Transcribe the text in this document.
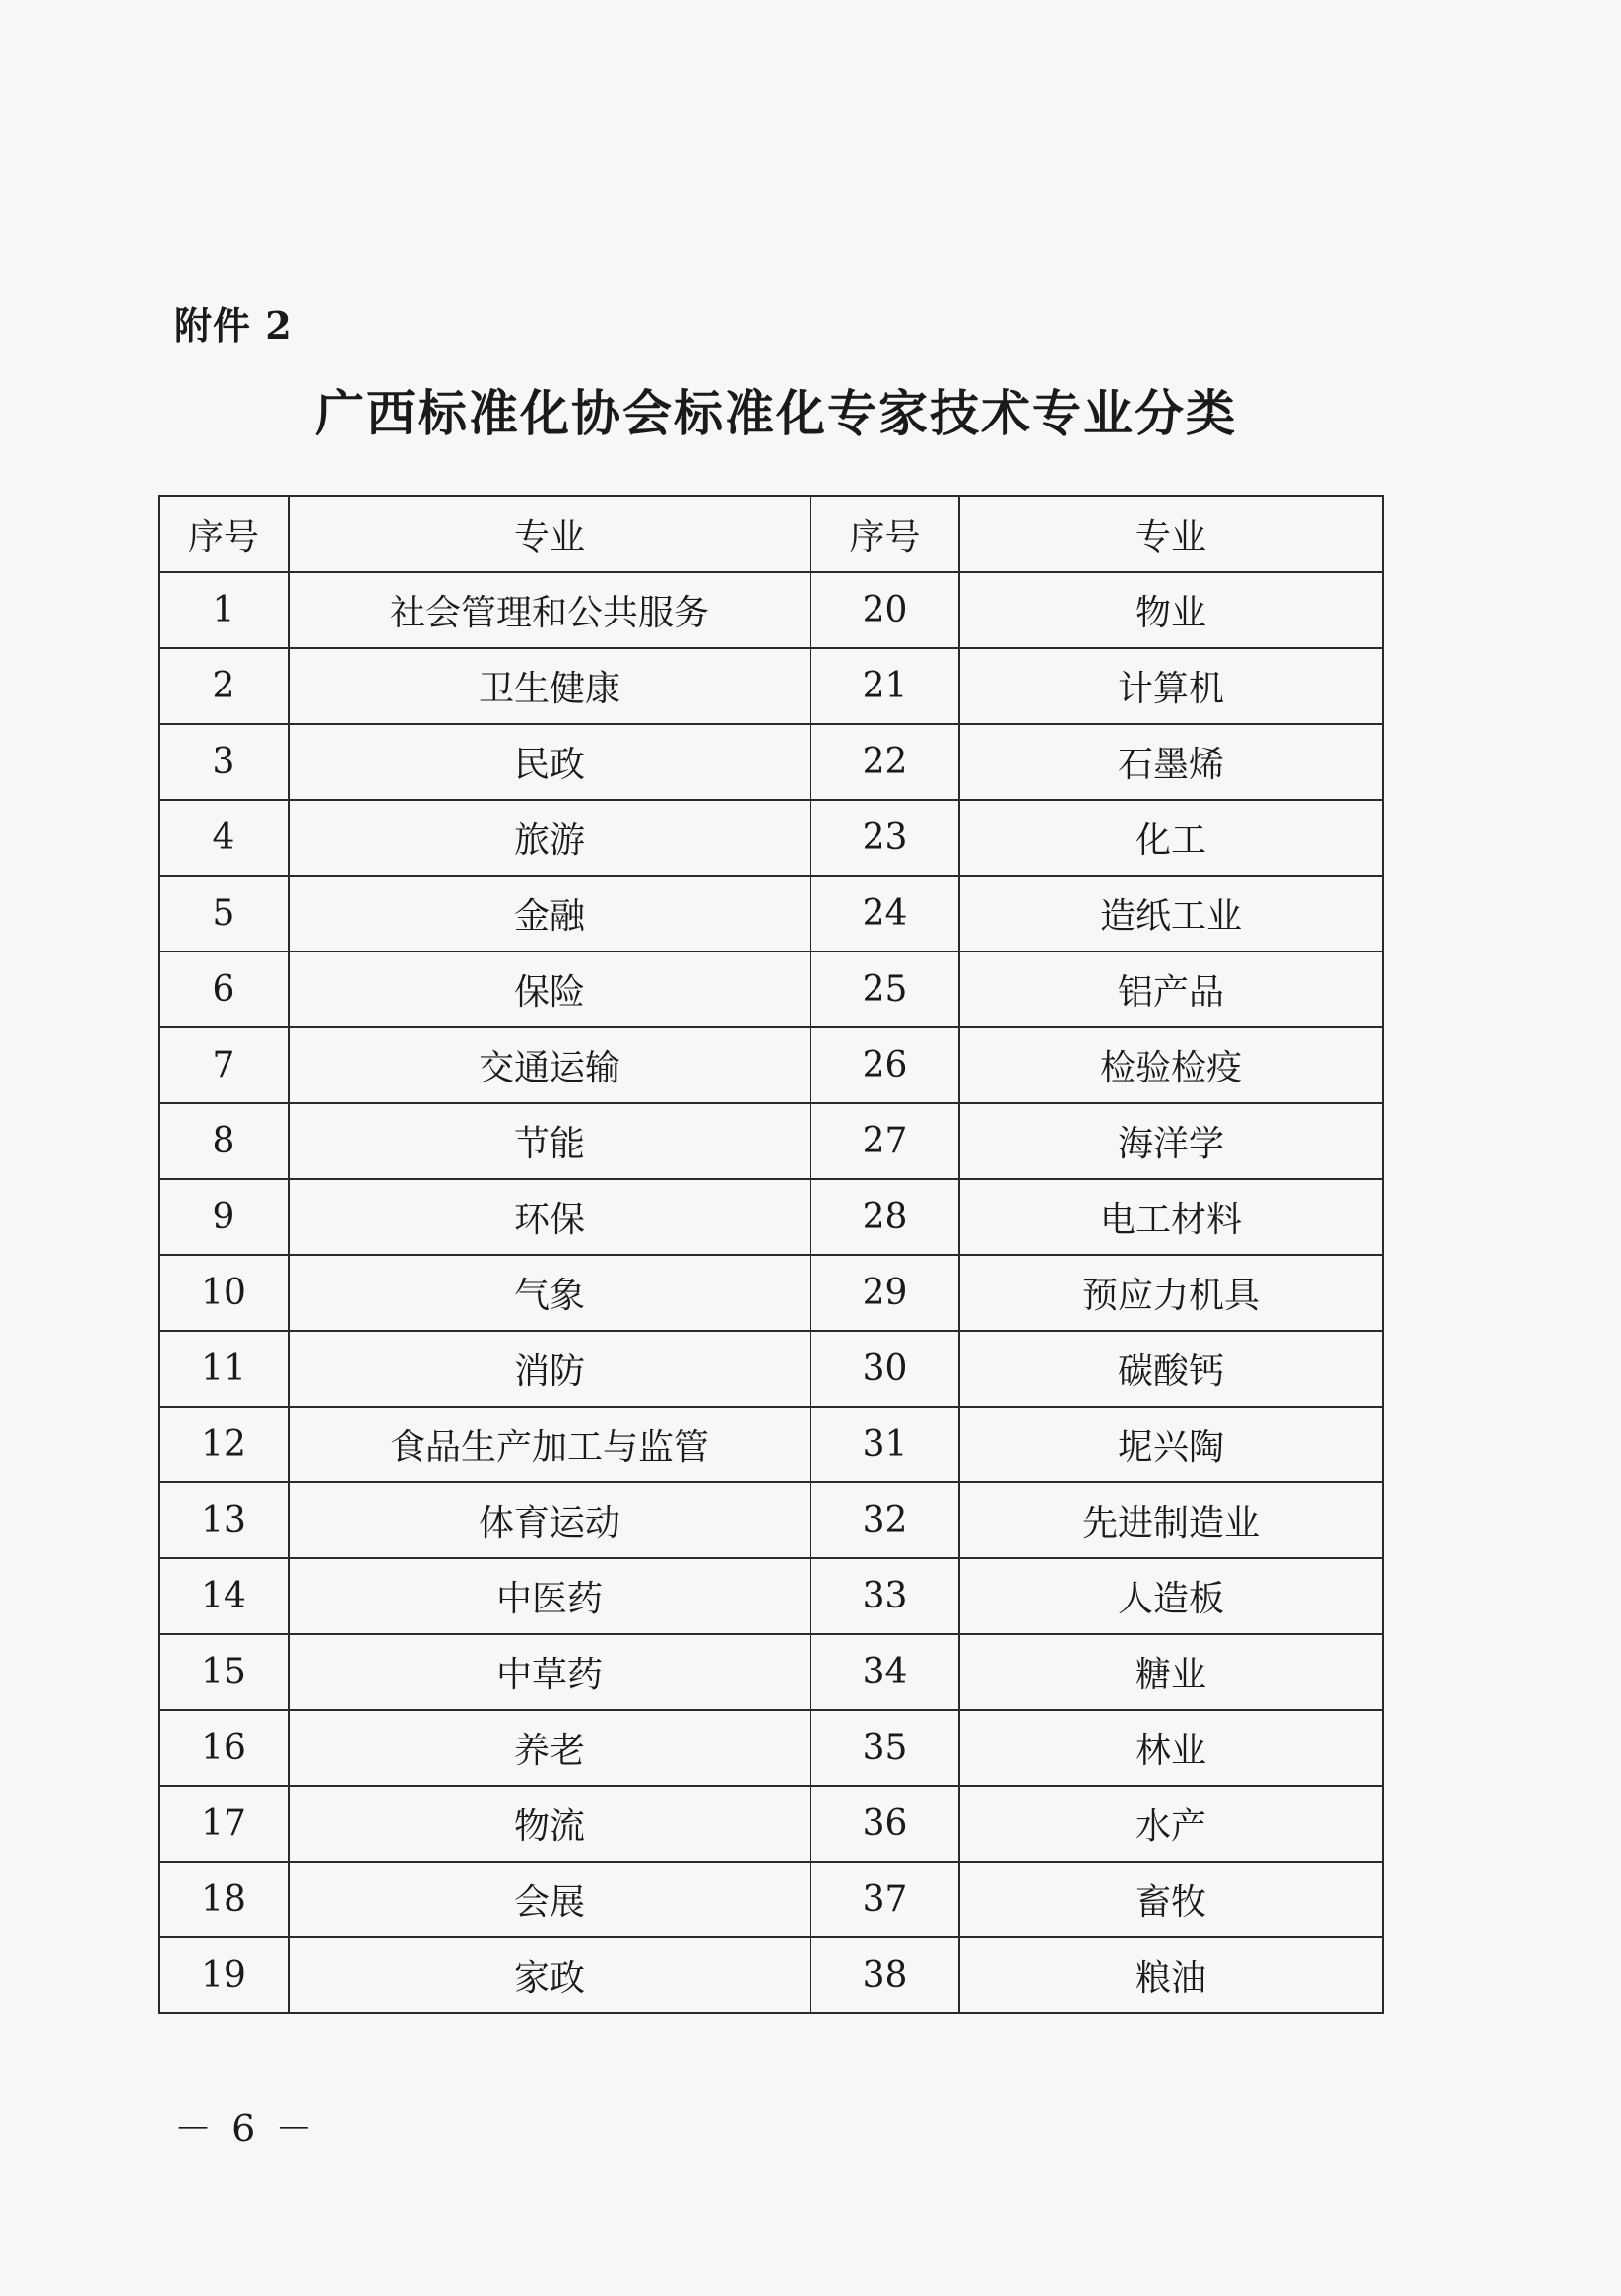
附件 2
广西标准化协会标准化专家技术专业分类
序号	专业	序号	专业
1	社会管理和公共服务	20	物业
2	卫生健康	21	计算机
3	民政	22	石墨烯
4	旅游	23	化工
5	金融	24	造纸工业
6	保险	25	铝产品
7	交通运输	26	检验检疫
8	节能	27	海洋学
9	环保	28	电工材料
10	气象	29	预应力机具
11	消防	30	碳酸钙
12	食品生产加工与监管	31	坭兴陶
13	体育运动	32	先进制造业
14	中医药	33	人造板
15	中草药	34	糖业
16	养老	35	林业
17	物流	36	水产
18	会展	37	畜牧
19	家政	38	粮油
－ 6 －
